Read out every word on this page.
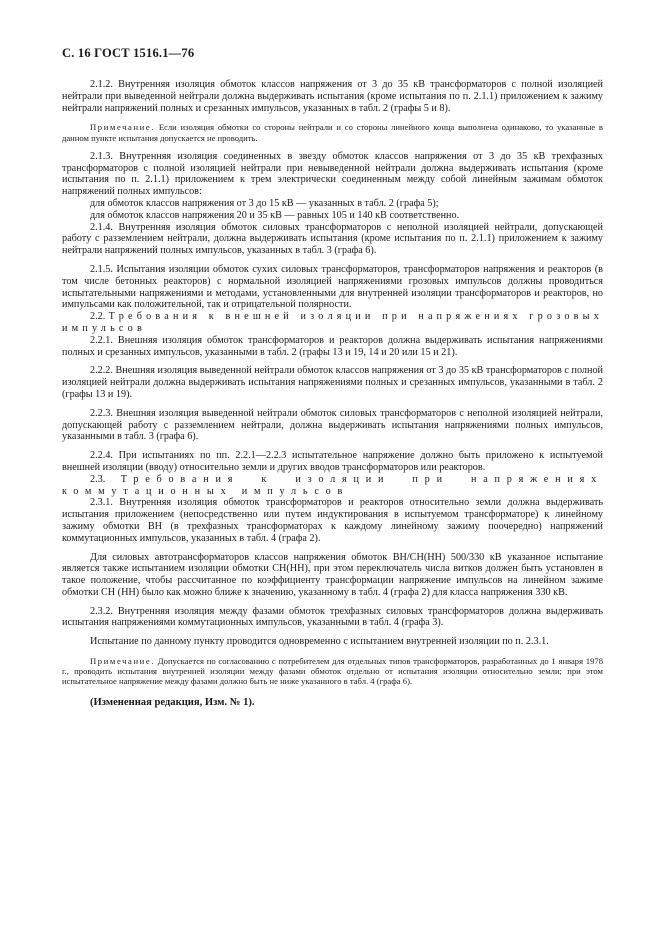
С. 16 ГОСТ 1516.1—76

2.1.2. Внутренняя изоляция обмоток классов напряжения от 3 до 35 кВ трансформаторов с полной изоляцией нейтрали при выведенной нейтрали должна выдерживать испытания (кроме испытания по п. 2.1.1) приложением к зажиму нейтрали напряжений полных и срезанных импульсов, указанных в табл. 2 (графы 5 и 8).

Примечание. Если изоляция обмотки со стороны нейтрали и со стороны линейного конца выполнена одинаково, то указанные в данном пункте испытания допускается не проводить.

2.1.3. Внутренняя изоляция соединенных в звезду обмоток классов напряжения от 3 до 35 кВ трехфазных трансформаторов с полной изоляцией нейтрали при невыведенной нейтрали должна выдерживать испытания (кроме испытания по п. 2.1.1) приложением к трем электрически соединенным между собой линейным зажимам обмоток напряжений полных импульсов:

для обмоток классов напряжения от 3 до 15 кВ — указанных в табл. 2 (графа 5);

для обмоток классов напряжения 20 и 35 кВ — равных 105 и 140 кВ соответственно.

2.1.4. Внутренняя изоляция обмоток силовых трансформаторов с неполной изоляцией нейтрали, допускающей работу с разземлением нейтрали, должна выдерживать испытания (кроме испытания по п. 2.1.1) приложением к зажиму нейтрали напряжений полных импульсов, указанных в табл. 3 (графа 6).

2.1.5. Испытания изоляции обмоток сухих силовых трансформаторов, трансформаторов напряжения и реакторов (в том числе бетонных реакторов) с нормальной изоляцией напряжениями грозовых импульсов должны проводиться испытательными напряжениями и методами, установленными для внутренней изоляции трансформаторов и реакторов, но импульсами как положительной, так и отрицательной полярности.

2.2. Требования к внешней изоляции при напряжениях грозовых импульсов

2.2.1. Внешняя изоляция обмоток трансформаторов и реакторов должна выдерживать испытания напряжениями полных и срезанных импульсов, указанными в табл. 2 (графы 13 и 19, 14 и 20 или 15 и 21).

2.2.2. Внешняя изоляция выведенной нейтрали обмоток классов напряжения от 3 до 35 кВ трансформаторов с полной изоляцией нейтрали должна выдерживать испытания напряжениями полных и срезанных импульсов, указанными в табл. 2 (графы 13 и 19).

2.2.3. Внешняя изоляция выведенной нейтрали обмоток силовых трансформаторов с неполной изоляцией нейтрали, допускающей работу с разземлением нейтрали, должна выдерживать испытания напряжениями полных импульсов, указанными в табл. 3 (графа 6).

2.2.4. При испытаниях по пп. 2.2.1—2.2.3 испытательное напряжение должно быть приложено к испытуемой внешней изоляции (вводу) относительно земли и других вводов трансформаторов или реакторов.

2.3. Требования к изоляции при напряжениях коммутационных импульсов

2.3.1. Внутренняя изоляция обмоток трансформаторов и реакторов относительно земли должна выдерживать испытания приложением (непосредственно или путем индуктирования в испытуемом трансформаторе) к линейному зажиму обмотки ВН (в трехфазных трансформаторах к каждому линейному зажиму поочередно) напряжений коммутационных импульсов, указанных в табл. 4 (графа 2).

Для силовых автотрансформаторов классов напряжения обмоток ВН/СН(НН) 500/330 кВ указанное испытание является также испытанием изоляции обмотки СН(НН), при этом переключатель числа витков должен быть установлен в такое положение, чтобы рассчитанное по коэффициенту трансформации напряжение импульсов на линейном зажиме обмотки СН (НН) было как можно ближе к значению, указанному в табл. 4 (графа 2) для класса напряжения 330 кВ.

2.3.2. Внутренняя изоляция между фазами обмоток трехфазных силовых трансформаторов должна выдерживать испытания напряжениями коммутационных импульсов, указанными в табл. 4 (графа 3).

Испытание по данному пункту проводится одновременно с испытанием внутренней изоляции по п. 2.3.1.

Примечание. Допускается по согласованию с потребителем для отдельных типов трансформаторов, разработанных до 1 января 1978 г., проводить испытания внутренней изоляции между фазами обмоток отдельно от испытания изоляции относительно земли; при этом испытательное напряжение между фазами должно быть не ниже указанного в табл. 4 (графа 6).

(Измененная редакция, Изм. № 1).
